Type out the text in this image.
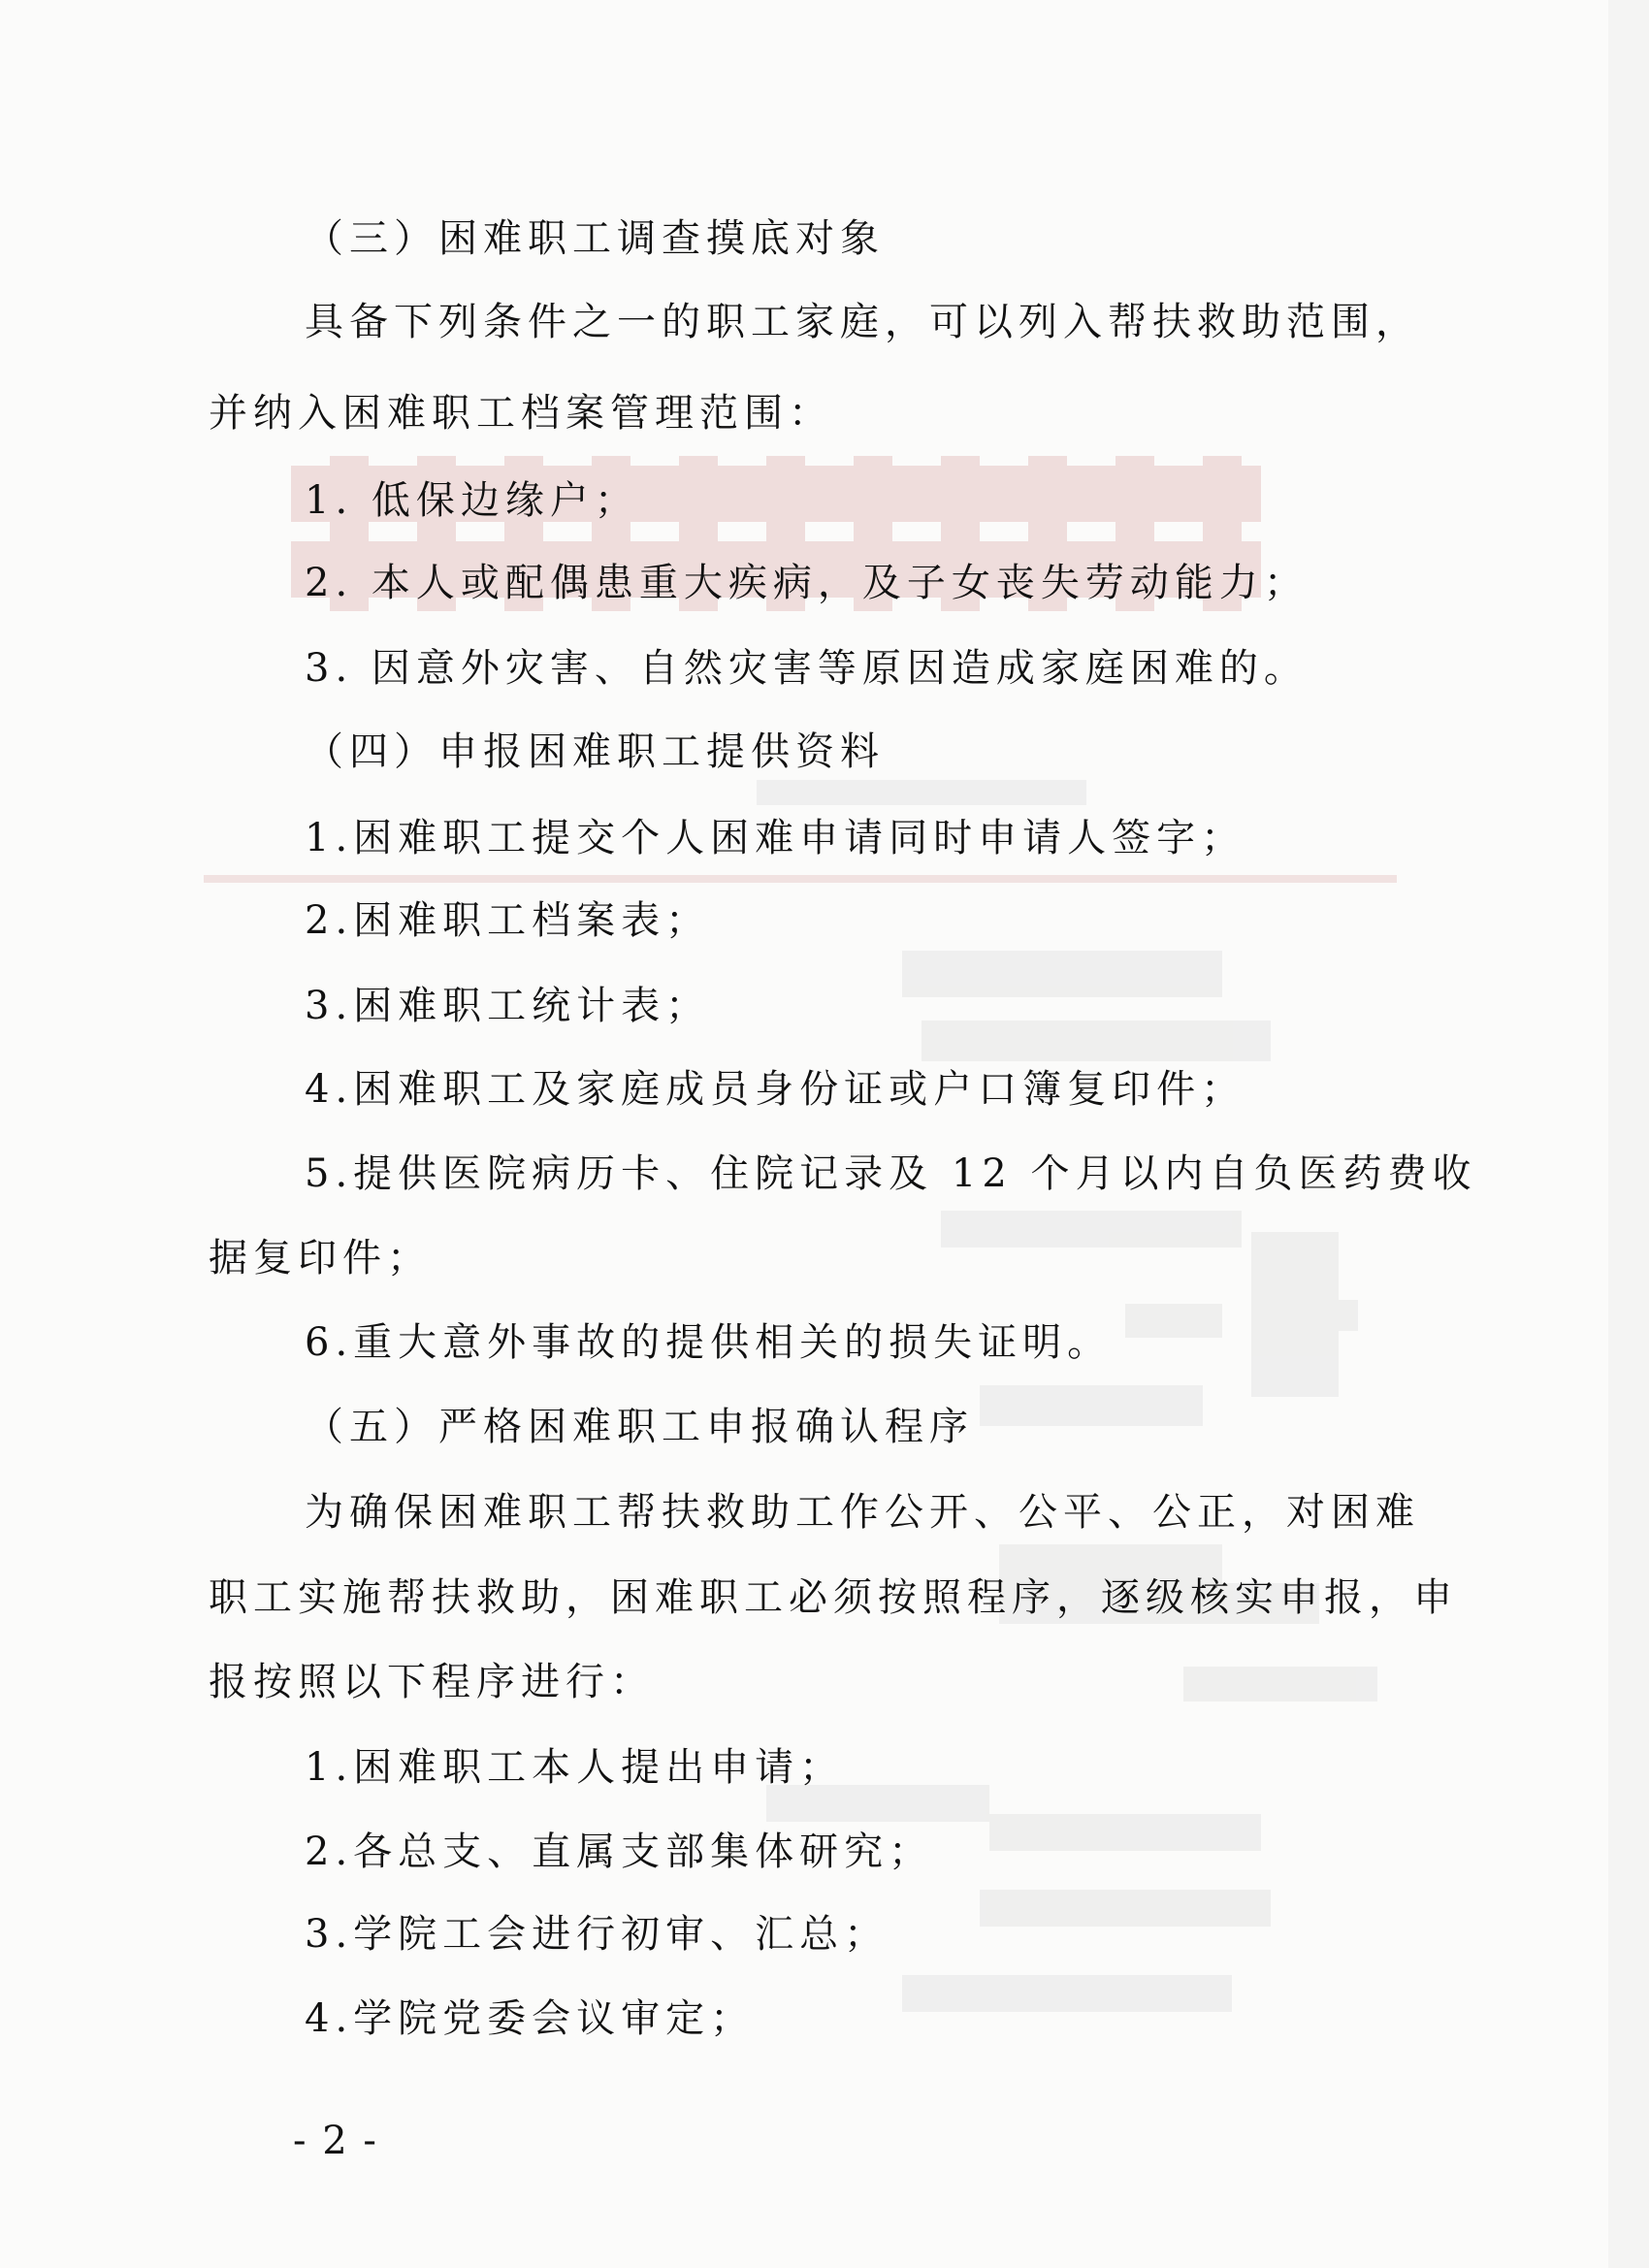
（三）困难职工调查摸底对象
具备下列条件之一的职工家庭，可以列入帮扶救助范围，
并纳入困难职工档案管理范围：
1. 低保边缘户；
2. 本人或配偶患重大疾病，及子女丧失劳动能力；
3. 因意外灾害、自然灾害等原因造成家庭困难的。
（四）申报困难职工提供资料
1.困难职工提交个人困难申请同时申请人签字；
2.困难职工档案表；
3.困难职工统计表；
4.困难职工及家庭成员身份证或户口簿复印件；
5.提供医院病历卡、住院记录及 12 个月以内自负医药费收
据复印件；
6.重大意外事故的提供相关的损失证明。
（五）严格困难职工申报确认程序
为确保困难职工帮扶救助工作公开、公平、公正，对困难
职工实施帮扶救助，困难职工必须按照程序，逐级核实申报，申
报按照以下程序进行：
1.困难职工本人提出申请；
2.各总支、直属支部集体研究；
3.学院工会进行初审、汇总；
4.学院党委会议审定；
- 2 -
